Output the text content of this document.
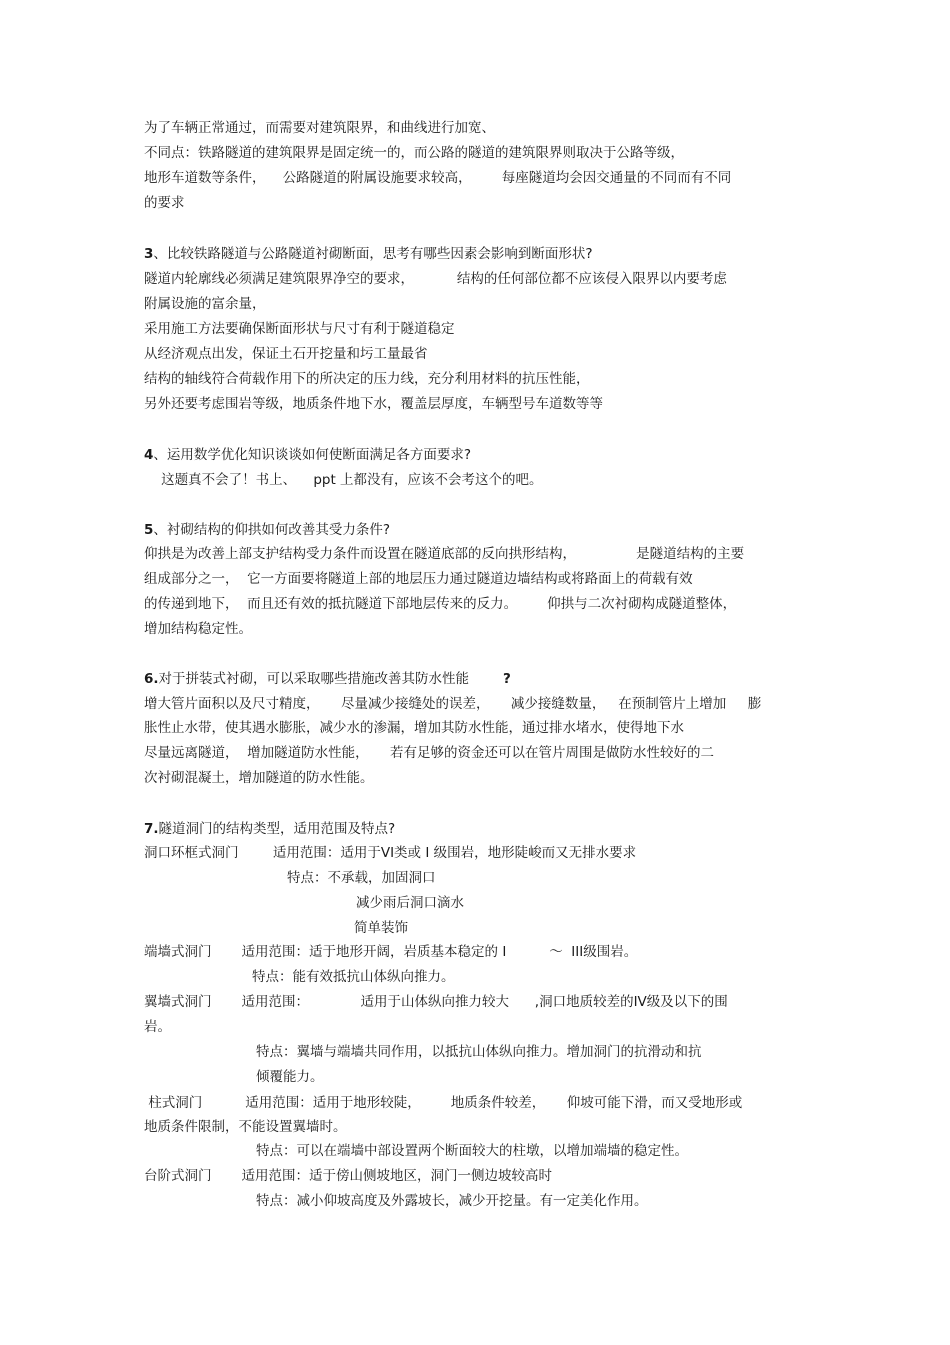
为了车辆正常通过，而需要对建筑限界，和曲线进行加宽、
不同点：铁路隧道的建筑限界是固定统一的，而公路的隧道的建筑限界则取决于公路等级，
地形车道数等条件，    公路隧道的附属设施要求较高，       每座隧道均会因交通量的不同而有不同
的要求
3、比较铁路隧道与公路隧道衬砌断面，思考有哪些因素会影响到断面形状?
隧道内轮廓线必须满足建筑限界净空的要求，          结构的任何部位都不应该侵入限界以内要考虑
附属设施的富余量，
采用施工方法要确保断面形状与尺寸有利于隧道稳定
从经济观点出发，保证土石开挖量和圬工量最省
结构的轴线符合荷载作用下的所决定的压力线，充分利用材料的抗压性能，
另外还要考虑围岩等级，地质条件地下水，覆盖层厚度，车辆型号车道数等等
4、运用数学优化知识谈谈如何使断面满足各方面要求?
这题真不会了！书上、    ppt 上都没有，应该不会考这个的吧。
5、衬砌结构的仰拱如何改善其受力条件?
仰拱是为改善上部支护结构受力条件而设置在隧道底部的反向拱形结构，              是隧道结构的主要
组成部分之一，  它一方面要将隧道上部的地层压力通过隧道边墙结构或将路面上的荷载有效
的传递到地下，  而且还有效的抵抗隧道下部地层传来的反力。       仰拱与二次衬砌构成隧道整体，
增加结构稳定性。
6.对于拼装式衬砌，可以采取哪些措施改善其防水性能	?
增大管片面积以及尺寸精度，     尽量减少接缝处的误差，     减少接缝数量，   在预制管片上增加     膨
胀性止水带，使其遇水膨胀，减少水的渗漏，增加其防水性能，通过排水堵水，使得地下水
尽量远离隧道，  增加隧道防水性能，     若有足够的资金还可以在管片周围是做防水性较好的二
次衬砌混凝土，增加隧道的防水性能。
7.隧道洞门的结构类型，适用范围及特点?
洞口环框式洞门        适用范围：适用于VI类或 I 级围岩，地形陡峻而又无排水要求
特点：不承载，加固洞口
减少雨后洞口滴水
简单装饰
端墙式洞门       适用范围：适于地形开阔，岩质基本稳定的 I          ～  III级围岩。
特点：能有效抵抗山体纵向推力。
翼墙式洞门       适用范围：            适用于山体纵向推力较大      ,洞口地质较差的IV级及以下的围
岩。
特点：翼墙与端墙共同作用，以抵抗山体纵向推力。增加洞门的抗滑动和抗
倾覆能力。
柱式洞门          适用范围：适用于地形较陡，       地质条件较差，     仰坡可能下滑，而又受地形或
地质条件限制，不能设置翼墙时。
特点：可以在端墙中部设置两个断面较大的柱墩，以增加端墙的稳定性。
台阶式洞门       适用范围：适于傍山侧坡地区，洞门一侧边坡较高时
特点：减小仰坡高度及外露坡长，减少开挖量。有一定美化作用。
